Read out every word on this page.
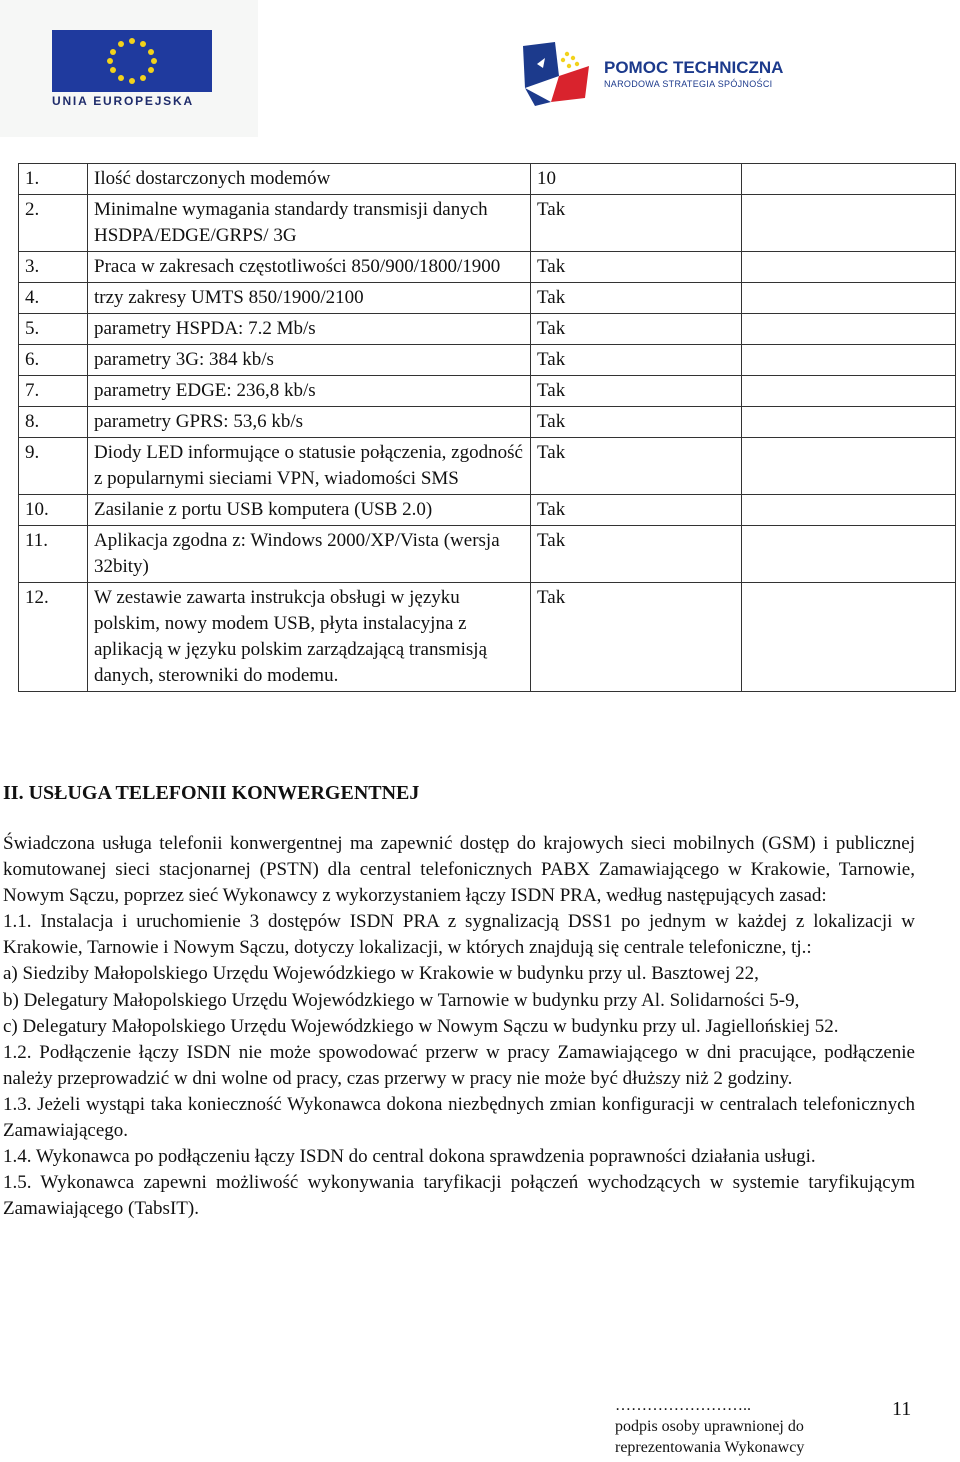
UNIA EUROPEJSKA
POMOC TECHNICZNA
NARODOWA STRATEGIA SPÓJNOŚCI
1.	Ilość dostarczonych modemów	10	
2.	Minimalne wymagania standardy transmisji danych HSDPA/EDGE/GRPS/ 3G	Tak	
3.	Praca w zakresach częstotliwości 850/900/1800/1900	Tak	
4.	trzy zakresy UMTS 850/1900/2100	Tak	
5.	parametry HSPDA: 7.2 Mb/s	Tak	
6.	parametry 3G: 384 kb/s	Tak	
7.	parametry EDGE: 236,8 kb/s	Tak	
8.	parametry GPRS: 53,6 kb/s	Tak	
9.	Diody LED informujące o statusie połączenia, zgodność z popularnymi sieciami VPN, wiadomości SMS	Tak	
10.	Zasilanie z portu USB komputera (USB 2.0)	Tak	
11.	Aplikacja zgodna z: Windows 2000/XP/Vista (wersja 32bity)	Tak	
12.	W zestawie zawarta instrukcja obsługi w języku polskim, nowy modem USB, płyta instalacyjna z aplikacją w języku polskim zarządzającą transmisją danych, sterowniki do modemu.	Tak	
II. USŁUGA TELEFONII KONWERGENTNEJ

Świadczona usługa telefonii konwergentnej ma zapewnić dostęp do krajowych sieci mobilnych (GSM) i publicznej komutowanej sieci stacjonarnej (PSTN) dla central telefonicznych PABX Zamawiającego w Krakowie, Tarnowie, Nowym Sączu, poprzez sieć Wykonawcy z wykorzystaniem łączy ISDN PRA, według następujących zasad:

1.1. Instalacja i uruchomienie 3 dostępów ISDN PRA z sygnalizacją DSS1 po jednym w każdej z lokalizacji w Krakowie, Tarnowie i Nowym Sączu, dotyczy lokalizacji, w których znajdują się centrale telefoniczne, tj.:

a) Siedziby Małopolskiego Urzędu Wojewódzkiego w Krakowie w budynku przy ul. Basztowej 22,

b) Delegatury Małopolskiego Urzędu Wojewódzkiego w Tarnowie w budynku przy Al. Solidarności 5-9,

c) Delegatury Małopolskiego Urzędu Wojewódzkiego w Nowym Sączu w budynku przy ul. Jagiellońskiej 52.

1.2. Podłączenie łączy ISDN nie może spowodować przerw w pracy Zamawiającego w dni pracujące, podłączenie należy przeprowadzić w dni wolne od pracy, czas przerwy w pracy nie może być dłuższy niż 2 godziny.

1.3. Jeżeli wystąpi taka konieczność Wykonawca dokona niezbędnych zmian konfiguracji w centralach telefonicznych Zamawiającego.

1.4. Wykonawca po podłączeniu łączy ISDN do central dokona sprawdzenia poprawności działania usługi.

1.5. Wykonawca zapewni możliwość wykonywania taryfikacji połączeń wychodzących w systemie taryfikującym Zamawiającego (TabsIT).

……………………..
podpis osoby uprawnionej do
reprezentowania Wykonawcy
11
